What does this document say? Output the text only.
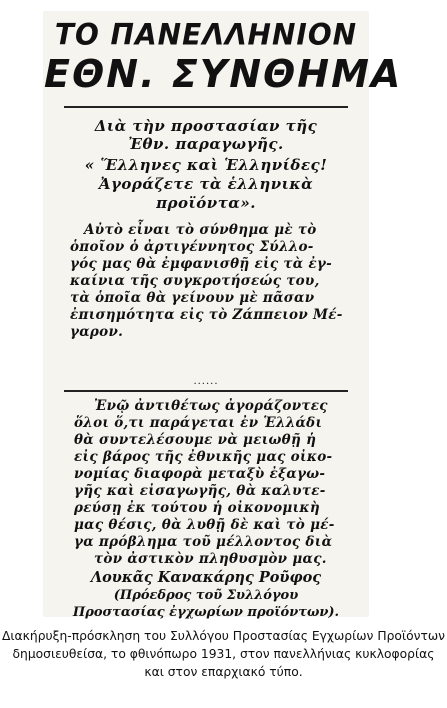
ΤΟ ΠΑΝΕΛΛΗΝΙΟΝ
ΕΘΝ. ΣΥΝΘΗΜΑ
Διὰ τὴν προστασίαν τῆς
Ἐθν. παραγωγῆς.
« Ἕλληνες καὶ Ἑλληνίδες!
Ἀγοράζετε τὰ ἑλληνικὰ
προϊόντα».
Αὐτὸ εἶναι τὸ σύνθημα μὲ τὸ
ὁποῖον ὁ ἀρτιγέννητος Σύλλο-
γός μας θὰ ἐμφανισθῇ εἰς τὰ ἐγ-
καίνια τῆς συγκροτήσεώς του,
τὰ ὁποῖα θὰ γείνουν μὲ πᾶσαν
ἐπισημότητα εἰς τὸ Ζάππειον Μέ-
γαρον.
......
Ἐνῷ ἀντιθέτως ἀγοράζοντες
ὅλοι ὅ,τι παράγεται ἐν Ἑλλάδι
θὰ συντελέσουμε νὰ μειωθῇ ἡ
εἰς βάρος τῆς ἐθνικῆς μας οἰκο-
νομίας διαφορὰ μεταξὺ ἐξαγω-
γῆς καὶ εἰσαγωγῆς, θὰ καλυτε-
ρεύσῃ ἐκ τούτου ἡ οἰκονομικὴ
μας θέσις, θὰ λυθῇ δὲ καὶ τὸ μέ-
γα πρόβλημα τοῦ μέλλοντος διὰ
τὸν ἀστικὸν πληθυσμὸν μας.
Λουκᾶς Κανακάρης Ροῦφος
(Πρόεδρος τοῦ Συλλόγου
Προστασίας ἐγχωρίων προϊόντων).
Διακήρυξη-πρόσκληση του Συλλόγου Προστασίας Εγχωρίων Προϊόντων
δημοσιευθείσα, το φθινόπωρο 1931, στον πανελλήνιας κυκλοφορίας
και στον επαρχιακό τύπο.
